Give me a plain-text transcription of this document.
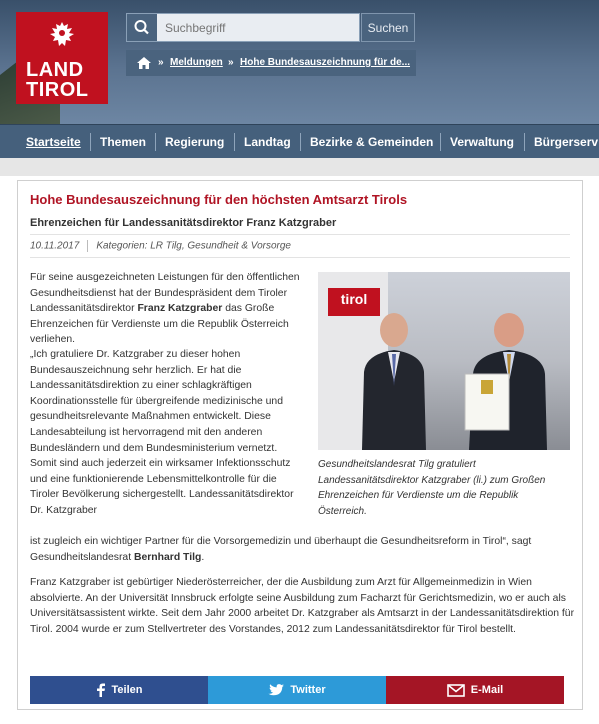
LAND
TIROL
Suchbegriff
Suchen
» Meldungen » Hohe Bundesauszeichnung für de...
Startseite Themen Regierung Landtag Bezirke & Gemeinden Verwaltung Bürgerserv
Hohe Bundesauszeichnung für den höchsten Amtsarzt Tirols
Ehrenzeichen für Landessanitätsdirektor Franz Katzgraber
10.11.2017 Kategorien: LR Tilg, Gesundheit & Vorsorge
Für seine ausgezeichneten Leistungen für den öffentlichen Gesundheitsdienst hat der Bundespräsident dem Tiroler Landessanitätsdirektor Franz Katzgraber das Große Ehrenzeichen für Verdienste um die Republik Österreich verliehen.
„Ich gratuliere Dr. Katzgraber zu dieser hohen Bundesauszeichnung sehr herzlich. Er hat die Landessanitätsdirektion zu einer schlagkräftigen Koordinationsstelle für übergreifende medizinische und gesundheitsrelevante Maßnahmen entwickelt. Diese Landesabteilung ist hervorragend mit den anderen Bundesländern und dem Bundesministerium vernetzt. Somit sind auch jederzeit ein wirksamer Infektionsschutz und eine funktionierende Lebensmittelkontrolle für die Tiroler Bevölkerung sichergestellt. Landessanitätsdirektor Dr. Katzgraber
ist zugleich ein wichtiger Partner für die Vorsorgemedizin und überhaupt die Gesundheitsreform in Tirol“, sagt Gesundheitslandesrat Bernhard Tilg.
tirol
Gesundheitslandesrat Tilg gratuliert Landessanitätsdirektor Katzgraber (li.) zum Großen Ehrenzeichen für Verdienste um die Republik Österreich.
Franz Katzgraber ist gebürtiger Niederösterreicher, der die Ausbildung zum Arzt für Allgemeinmedizin in Wien absolvierte. An der Universität Innsbruck erfolgte seine Ausbildung zum Facharzt für Gerichtsmedizin, wo er auch als Universitätsassistent wirkte. Seit dem Jahr 2000 arbeitet Dr. Katzgraber als Amtsarzt in der Landessanitätsdirektion für Tirol. 2004 wurde er zum Stellvertreter des Vorstandes, 2012 zum Landessanitätsdirektor für Tirol bestellt.
Teilen	Twitter	E-Mail
